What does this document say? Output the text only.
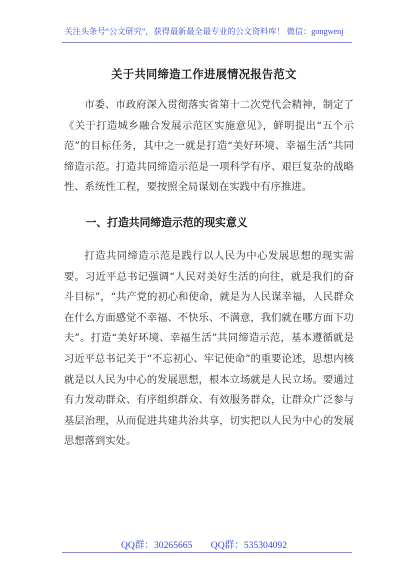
关注头条号“公文研究”，获得最新最全最专业的公文资料库！ 微信：gongwenj
关于共同缔造工作进展情况报告范文

市委、市政府深入贯彻落实省第十二次党代会精神，制定了《关于打造城乡融合发展示范区实施意见》，鲜明提出“五个示范”的目标任务，其中之一就是打造“美好环境、幸福生活”共同缔造示范。打造共同缔造示范是一项科学有序、艰巨复杂的战略性、系统性工程，要按照全局谋划在实践中有序推进。

一、打造共同缔造示范的现实意义

打造共同缔造示范是践行以人民为中心发展思想的现实需要。习近平总书记强调“人民对美好生活的向往，就是我们的奋斗目标”，“共产党的初心和使命，就是为人民谋幸福，人民群众在什么方面感觉不幸福、不快乐、不满意，我们就在哪方面下功夫”。打造“美好环境、幸福生活”共同缔造示范，基本遵循就是习近平总书记关于“不忘初心、牢记使命”的重要论述，思想内核就是以人民为中心的发展思想，根本立场就是人民立场。要通过有力发动群众、有序组织群众、有效服务群众，让群众广泛参与基层治理，从而促进共建共治共享，切实把以人民为中心的发展思想落到实处。

QQ群：30265665 QQ群：535304092
